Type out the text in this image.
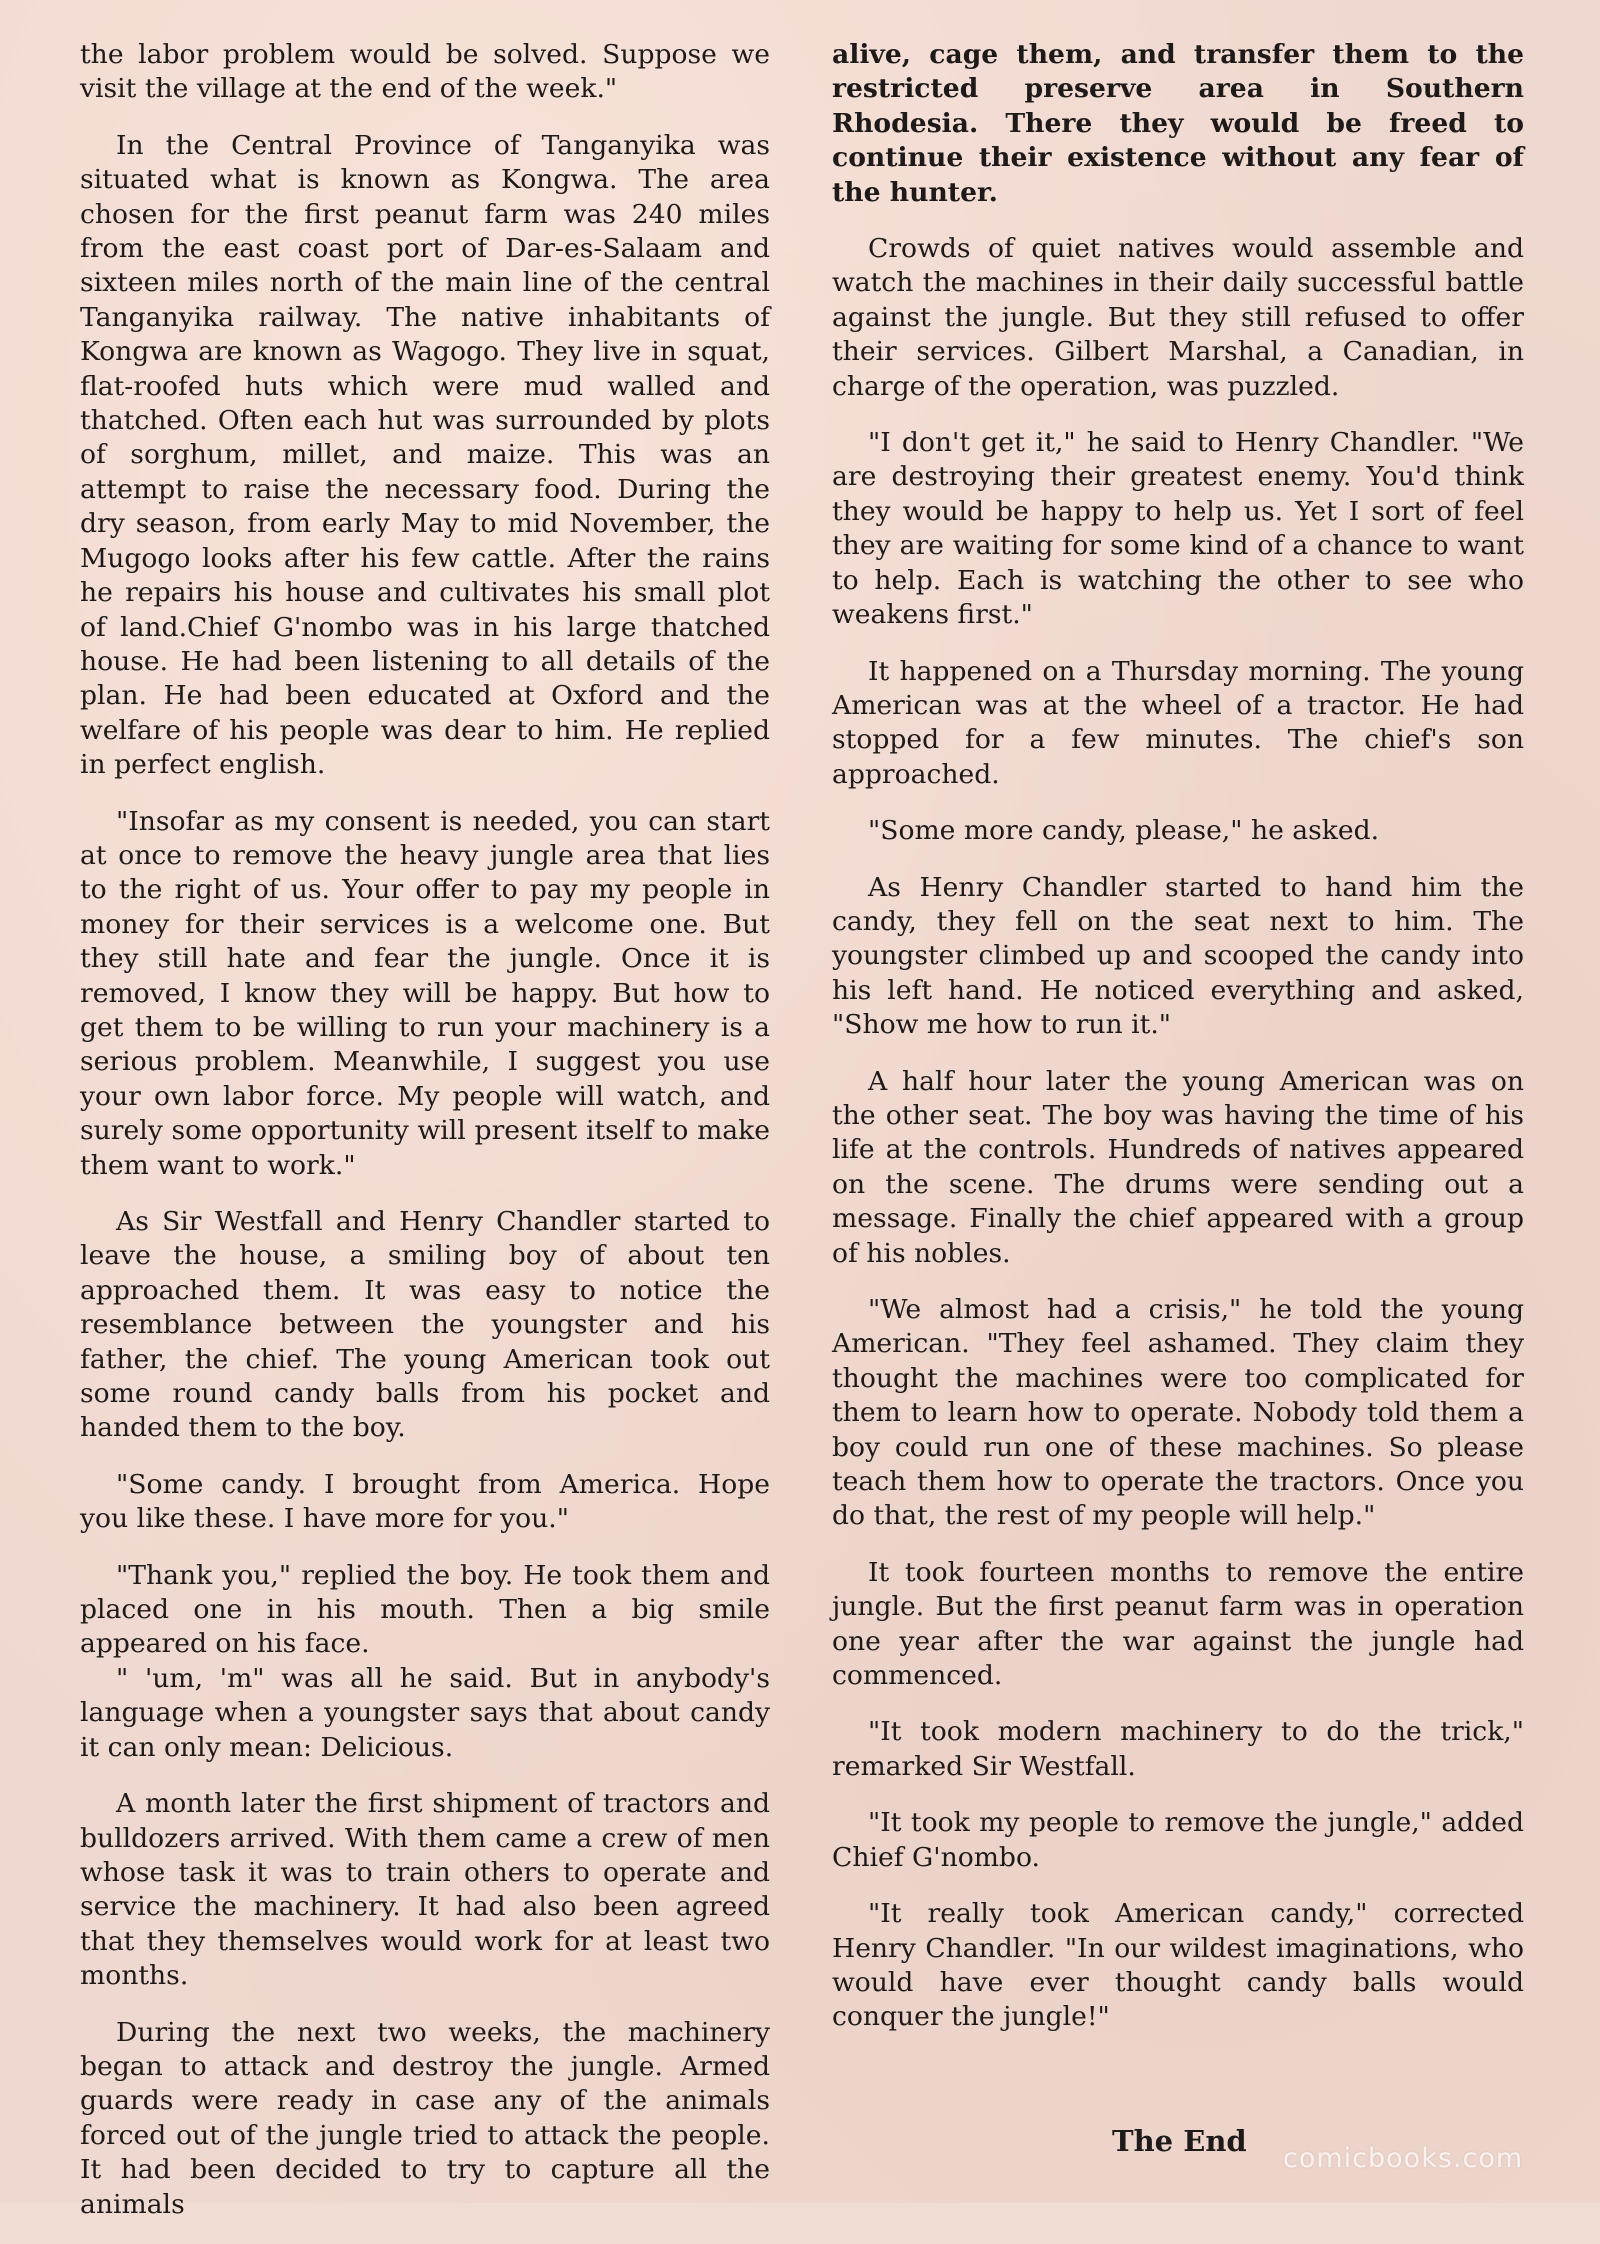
the labor problem would be solved. Suppose we visit the village at the end of the week."

In the Central Province of Tanganyika was situated what is known as Kongwa. The area chosen for the first peanut farm was 240 miles from the east coast port of Dar-es-Salaam and sixteen miles north of the main line of the central Tanganyika railway. The native inhabitants of Kongwa are known as Wagogo. They live in squat, flat-roofed huts which were mud walled and thatched. Often each hut was surrounded by plots of sorghum, millet, and maize. This was an attempt to raise the necessary food. During the dry season, from early May to mid November, the Mugogo looks after his few cattle. After the rains he repairs his house and cultivates his small plot of land.Chief G'nombo was in his large thatched house. He had been listening to all details of the plan. He had been educated at Oxford and the welfare of his people was dear to him. He replied in perfect english.

"Insofar as my consent is needed, you can start at once to remove the heavy jungle area that lies to the right of us. Your offer to pay my people in money for their services is a welcome one. But they still hate and fear the jungle. Once it is removed, I know they will be happy. But how to get them to be willing to run your machinery is a serious problem. Meanwhile, I suggest you use your own labor force. My people will watch, and surely some opportunity will present itself to make them want to work."

As Sir Westfall and Henry Chandler started to leave the house, a smiling boy of about ten approached them. It was easy to notice the resemblance between the youngster and his father, the chief. The young American took out some round candy balls from his pocket and handed them to the boy.

"Some candy. I brought from America. Hope you like these. I have more for you."

"Thank you," replied the boy. He took them and placed one in his mouth. Then a big smile appeared on his face.

" 'um, 'm" was all he said. But in anybody's language when a youngster says that about candy it can only mean: Delicious.

A month later the first shipment of tractors and bulldozers arrived. With them came a crew of men whose task it was to train others to operate and service the machinery. It had also been agreed that they themselves would work for at least two months.

During the next two weeks, the machinery began to attack and destroy the jungle. Armed guards were ready in case any of the animals forced out of the jungle tried to attack the people. It had been decided to try to capture all the animals

alive, cage them, and transfer them to the restricted preserve area in Southern Rhodesia. There they would be freed to continue their existence without any fear of the hunter.

Crowds of quiet natives would assemble and watch the machines in their daily successful battle against the jungle. But they still refused to offer their services. Gilbert Marshal, a Canadian, in charge of the operation, was puzzled.

"I don't get it," he said to Henry Chandler. "We are destroying their greatest enemy. You'd think they would be happy to help us. Yet I sort of feel they are waiting for some kind of a chance to want to help. Each is watching the other to see who weakens first."

It happened on a Thursday morning. The young American was at the wheel of a tractor. He had stopped for a few minutes. The chief's son approached.

"Some more candy, please," he asked.

As Henry Chandler started to hand him the candy, they fell on the seat next to him. The youngster climbed up and scooped the candy into his left hand. He noticed everything and asked, "Show me how to run it."

A half hour later the young American was on the other seat. The boy was having the time of his life at the controls. Hundreds of natives appeared on the scene. The drums were sending out a message. Finally the chief appeared with a group of his nobles.

"We almost had a crisis," he told the young American. "They feel ashamed. They claim they thought the machines were too complicated for them to learn how to operate. Nobody told them a boy could run one of these machines. So please teach them how to operate the tractors. Once you do that, the rest of my people will help."

It took fourteen months to remove the entire jungle. But the first peanut farm was in operation one year after the war against the jungle had commenced.

"It took modern machinery to do the trick," remarked Sir Westfall.

"It took my people to remove the jungle," added Chief G'nombo.

"It really took American candy," corrected Henry Chandler. "In our wildest imaginations, who would have ever thought candy balls would conquer the jungle!"

The End
comicbooks.com
